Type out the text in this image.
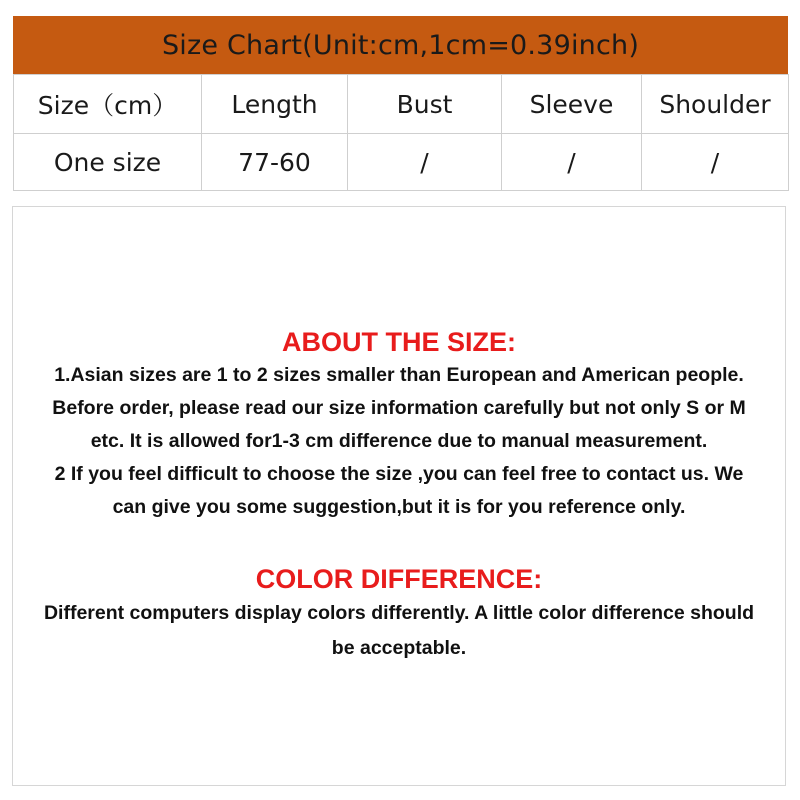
Size Chart(Unit:cm,1cm=0.39inch)
Size（cm）	Length	Bust	Sleeve	Shoulder
One size	77-60	/	/	/
ABOUT THE SIZE:

1.Asian sizes are 1 to 2 sizes smaller than European and American people.

Before order, please read our size information carefully but not only S or M

etc. It is allowed for1-3 cm difference due to manual measurement.

2 If you feel difficult to choose the size ,you can feel free to contact us. We

can give you some suggestion,but it is for you reference only.

COLOR DIFFERENCE:

Different computers display colors differently. A little color difference should

be acceptable.
